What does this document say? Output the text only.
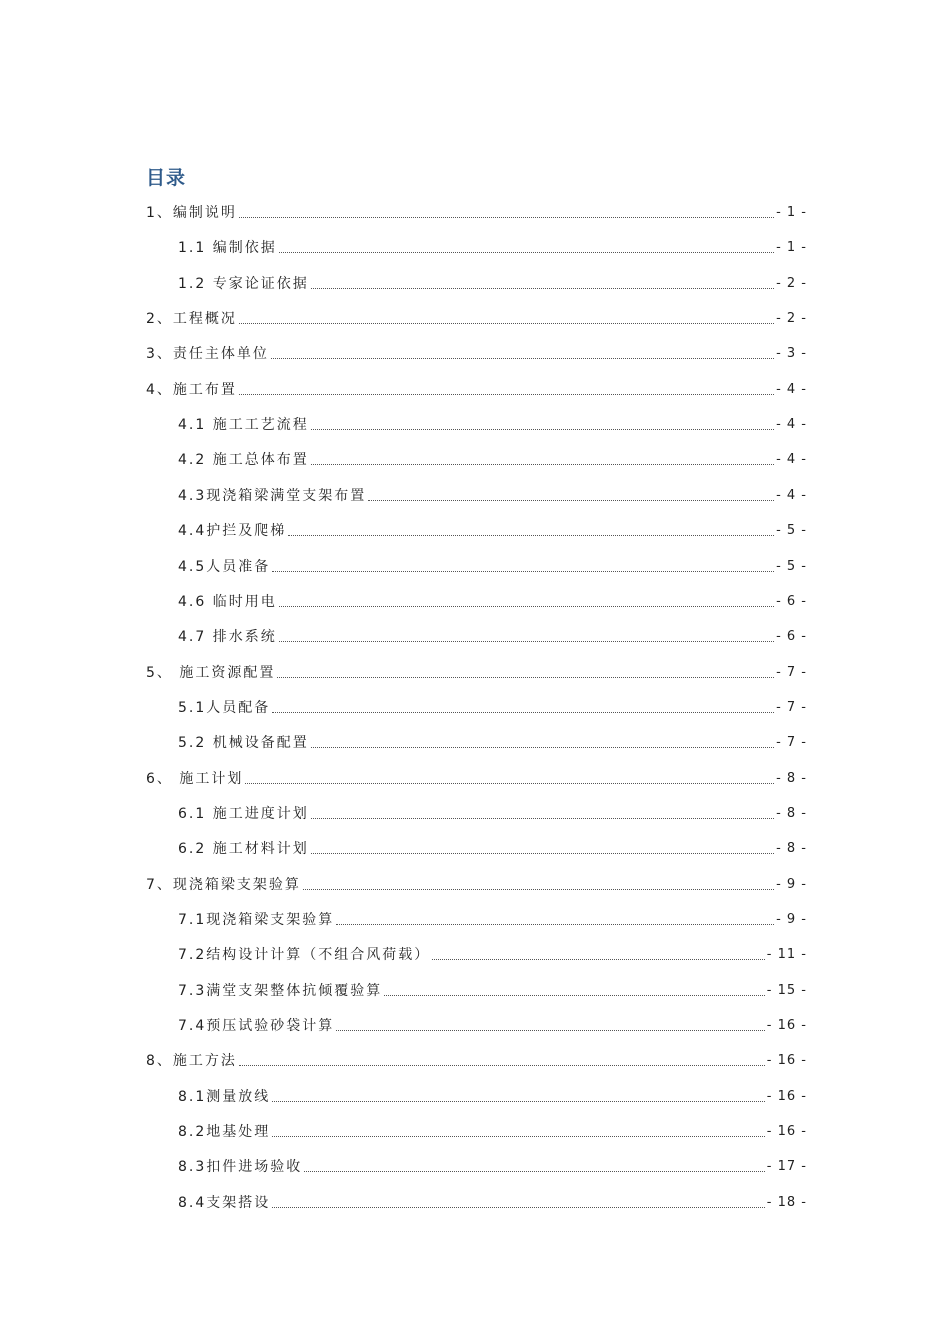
目录
1、编制说明	- 1 -
1.1 编制依据	- 1 -
1.2 专家论证依据	- 2 -
2、工程概况	- 2 -
3、责任主体单位	- 3 -
4、施工布置	- 4 -
4.1 施工工艺流程	- 4 -
4.2 施工总体布置	- 4 -
4.3现浇箱梁满堂支架布置	- 4 -
4.4护拦及爬梯	- 5 -
4.5人员准备	- 5 -
4.6 临时用电	- 6 -
4.7 排水系统	- 6 -
5、 施工资源配置	- 7 -
5.1人员配备	- 7 -
5.2 机械设备配置	- 7 -
6、 施工计划	- 8 -
6.1 施工进度计划	- 8 -
6.2 施工材料计划	- 8 -
7、现浇箱梁支架验算	- 9 -
7.1现浇箱梁支架验算	- 9 -
7.2结构设计计算（不组合风荷载）	- 11 -
7.3满堂支架整体抗倾覆验算	- 15 -
7.4预压试验砂袋计算	- 16 -
8、施工方法	- 16 -
8.1测量放线	- 16 -
8.2地基处理	- 16 -
8.3扣件进场验收	- 17 -
8.4支架搭设	- 18 -
